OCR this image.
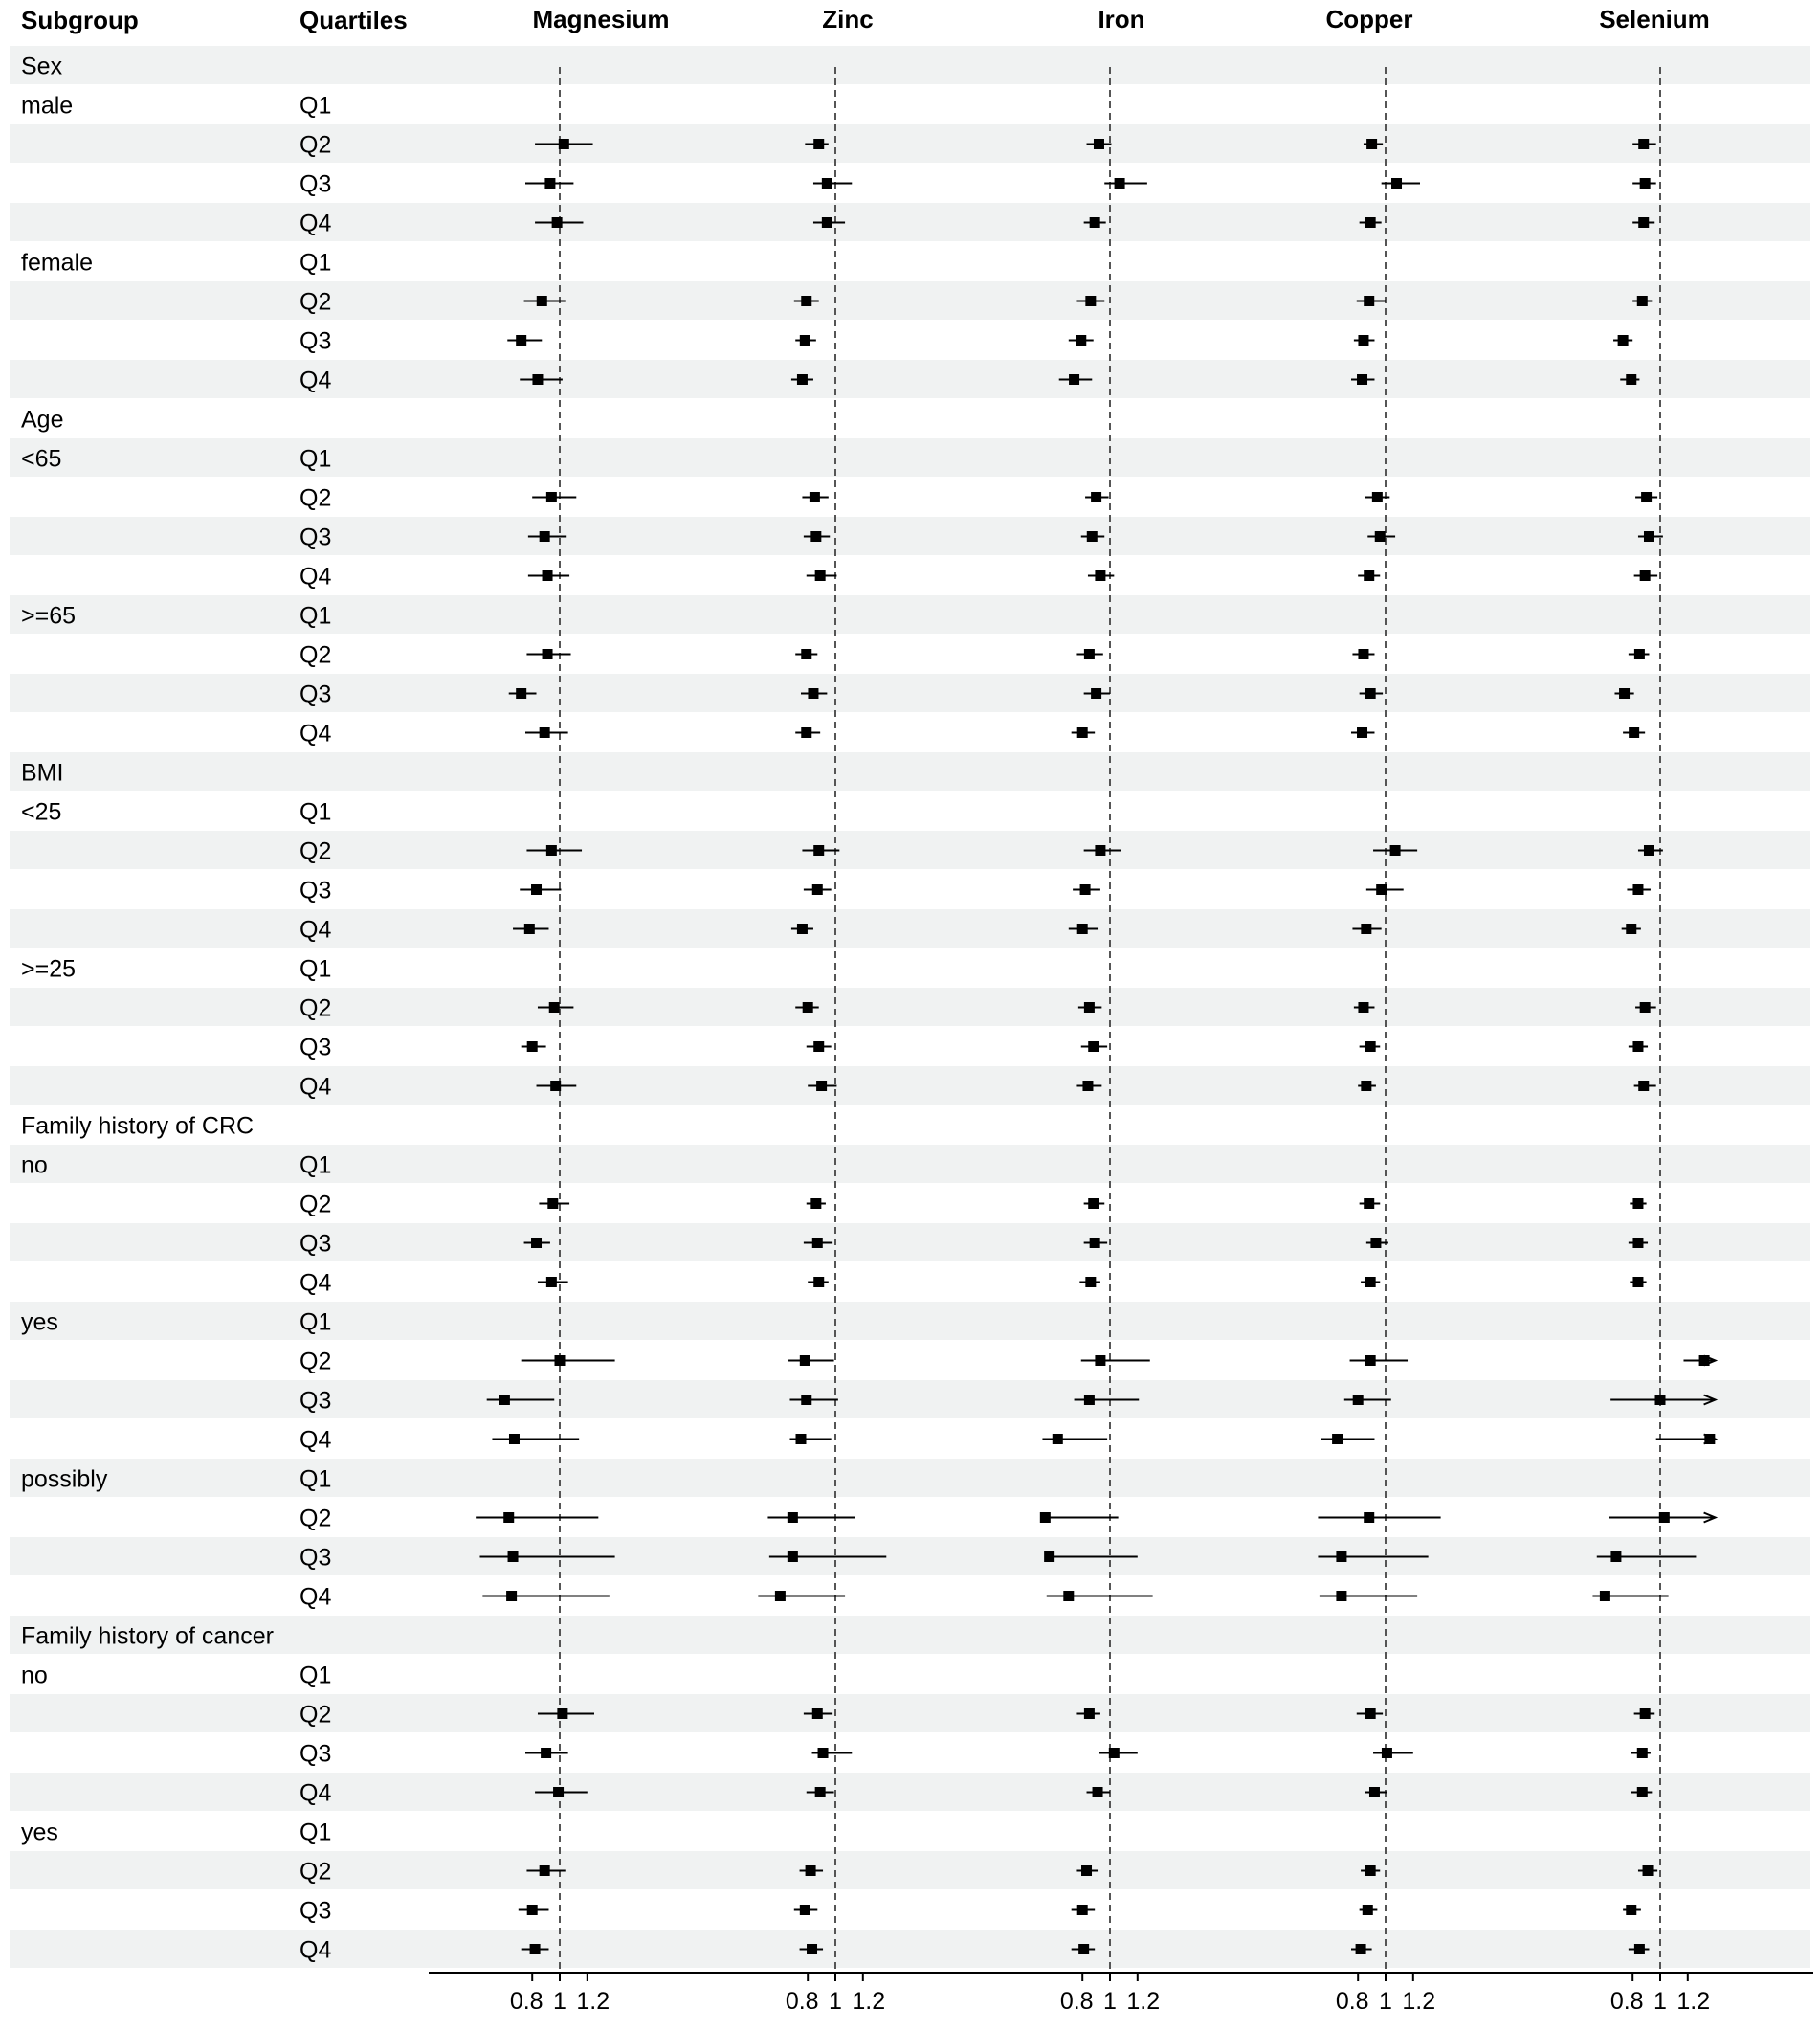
Subgroup	Quartiles	Magnesium	Zinc	Iron	Copper	Selenium
Sex
male	Q1
Q2
Q3
Q4
female	Q1
Q2
Q3
Q4
Age
<65	Q1
Q2
Q3
Q4
>=65	Q1
Q2
Q3
Q4
BMI
<25	Q1
Q2
Q3
Q4
>=25	Q1
Q2
Q3
Q4
Family history of CRC
no	Q1
Q2
Q3
Q4
yes	Q1
Q2
Q3
Q4
possibly	Q1
Q2
Q3
Q4
Family history of cancer
no	Q1
Q2
Q3
Q4
yes	Q1
Q2
Q3
Q4
0.8 1 1.2	0.8 1 1.2	0.8 1 1.2	0.8 1 1.2	0.8 1 1.2
